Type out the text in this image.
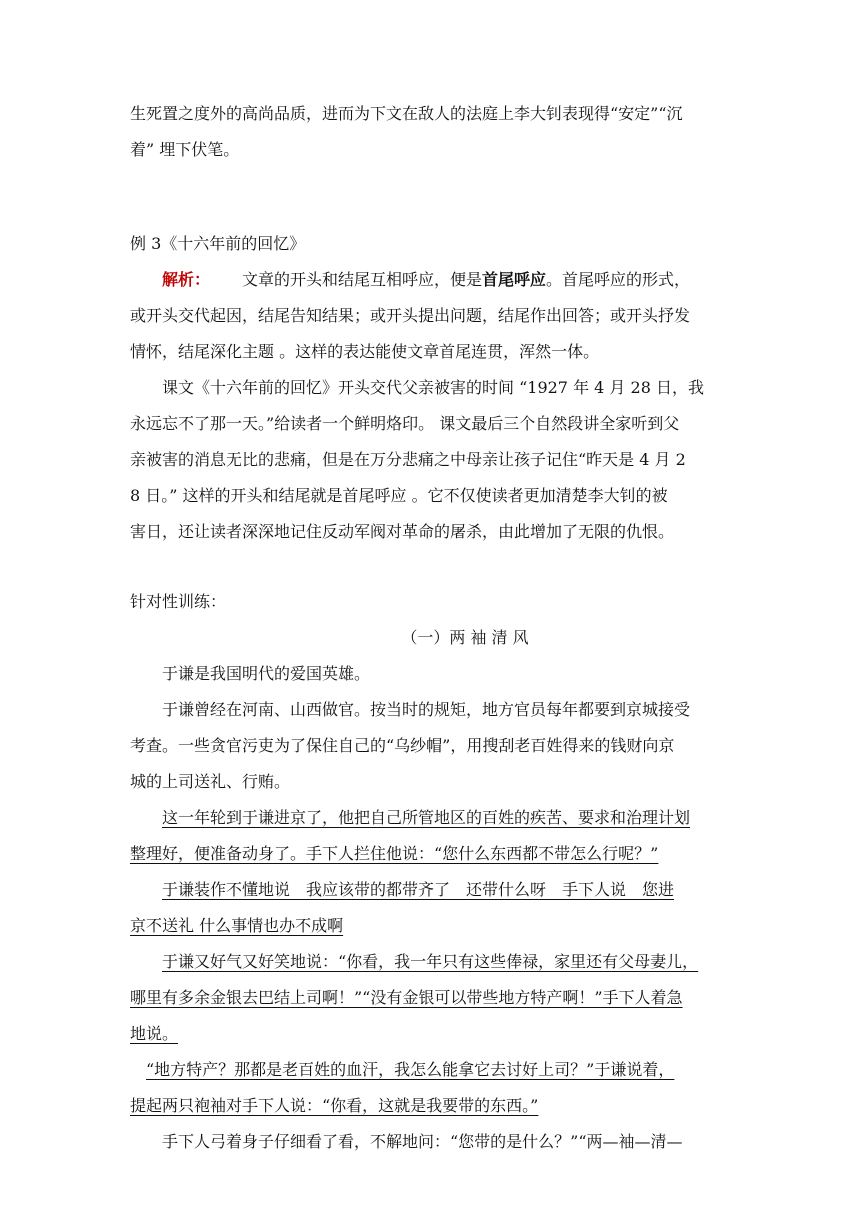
生死置之度外的高尚品质，进而为下文在敌人的法庭上李大钊表现得“安定”“沉
着” 埋下伏笔。
例 3《十六年前的回忆》
解析： 文章的开头和结尾互相呼应，便是首尾呼应。首尾呼应的形式，
或开头交代起因，结尾告知结果；或开头提出问题，结尾作出回答；或开头抒发
情怀，结尾深化主题 。这样的表达能使文章首尾连贯，浑然一体。
课文《十六年前的回忆》开头交代父亲被害的时间 “1927 年 4 月 28 日，我
永远忘不了那一天。”给读者一个鲜明烙印。 课文最后三个自然段讲全家听到父
亲被害的消息无比的悲痛，但是在万分悲痛之中母亲让孩子记住“昨天是 4 月 2
8 日。” 这样的开头和结尾就是首尾呼应 。它不仅使读者更加清楚李大钊的被
害日，还让读者深深地记住反动军阀对革命的屠杀，由此增加了无限的仇恨。
针对性训练：
（一）两 袖 清 风
于谦是我国明代的爱国英雄。
于谦曾经在河南、山西做官。按当时的规矩，地方官员每年都要到京城接受
考查。一些贪官污吏为了保住自己的“乌纱帽”，用搜刮老百姓得来的钱财向京
城的上司送礼、行贿。
这一年轮到于谦进京了，他把自己所管地区的百姓的疾苦、要求和治理计划
整理好，便准备动身了。手下人拦住他说：“您什么东西都不带怎么行呢？”
于谦装作不懂地说　我应该带的都带齐了　还带什么呀　手下人说　您进
京不送礼 什么事情也办不成啊
于谦又好气又好笑地说：“你看，我一年只有这些俸禄，家里还有父母妻儿，
哪里有多余金银去巴结上司啊！”“没有金银可以带些地方特产啊！”手下人着急
地说。
“地方特产？那都是老百姓的血汗，我怎么能拿它去讨好上司？”于谦说着，
提起两只袍袖对手下人说：“你看，这就是我要带的东西。”
手下人弓着身子仔细看了看，不解地问：“您带的是什么？”“两—袖—清—
